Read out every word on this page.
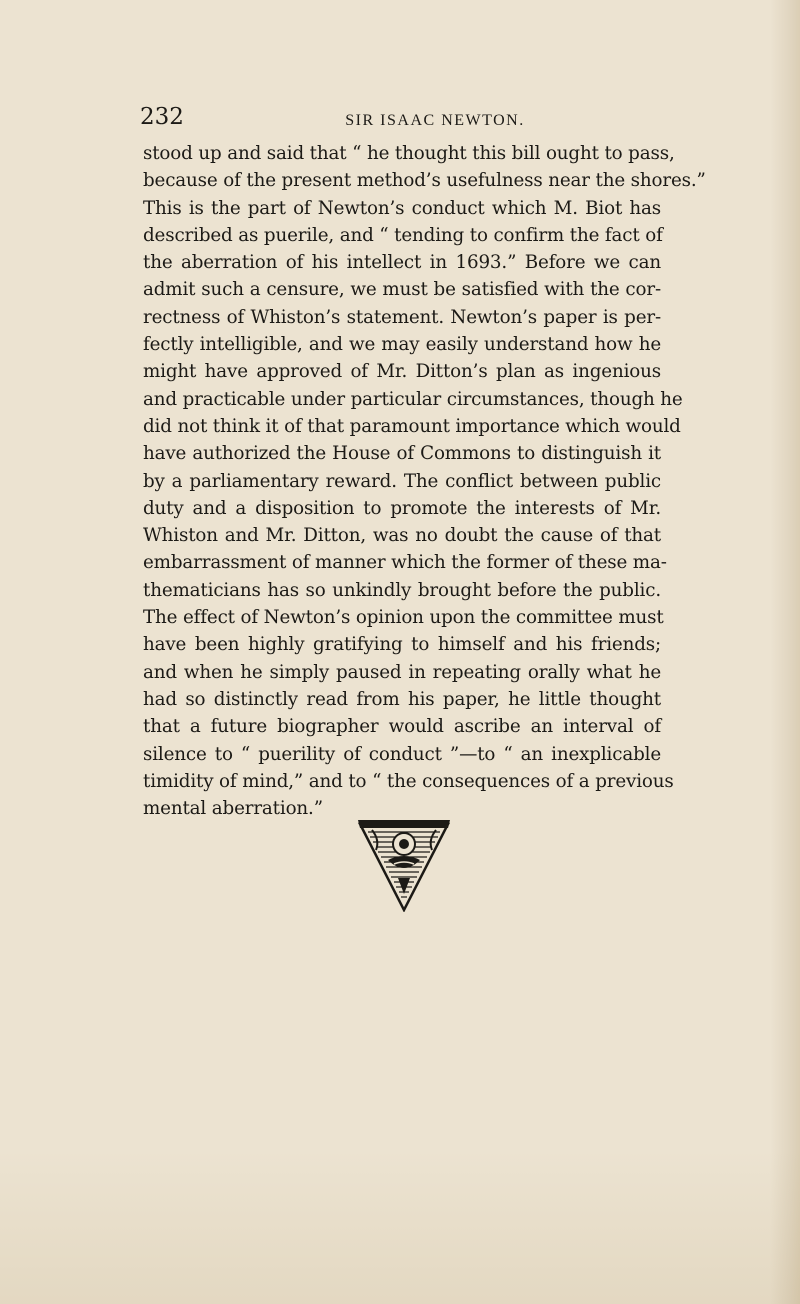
232	SIR ISAAC NEWTON.
stood up and said that “ he thought this bill ought to pass,
because of the present method’s usefulness near the shores.”
This is the part of Newton’s conduct which M. Biot has
described as puerile, and “ tending to confirm the fact of
the aberration of his intellect in 1693.” Before we can
admit such a censure, we must be satisfied with the cor-
rectness of Whiston’s statement. Newton’s paper is per-
fectly intelligible, and we may easily understand how he
might have approved of Mr. Ditton’s plan as ingenious
and practicable under particular circumstances, though he
did not think it of that paramount importance which would
have authorized the House of Commons to distinguish it
by a parliamentary reward. The conflict between public
duty and a disposition to promote the interests of Mr.
Whiston and Mr. Ditton, was no doubt the cause of that
embarrassment of manner which the former of these ma-
thematicians has so unkindly brought before the public.
The effect of Newton’s opinion upon the committee must
have been highly gratifying to himself and his friends;
and when he simply paused in repeating orally what he
had so distinctly read from his paper, he little thought
that a future biographer would ascribe an interval of
silence to “ puerility of conduct ”—to “ an inexplicable
timidity of mind,” and to “ the consequences of a previous
mental aberration.”
